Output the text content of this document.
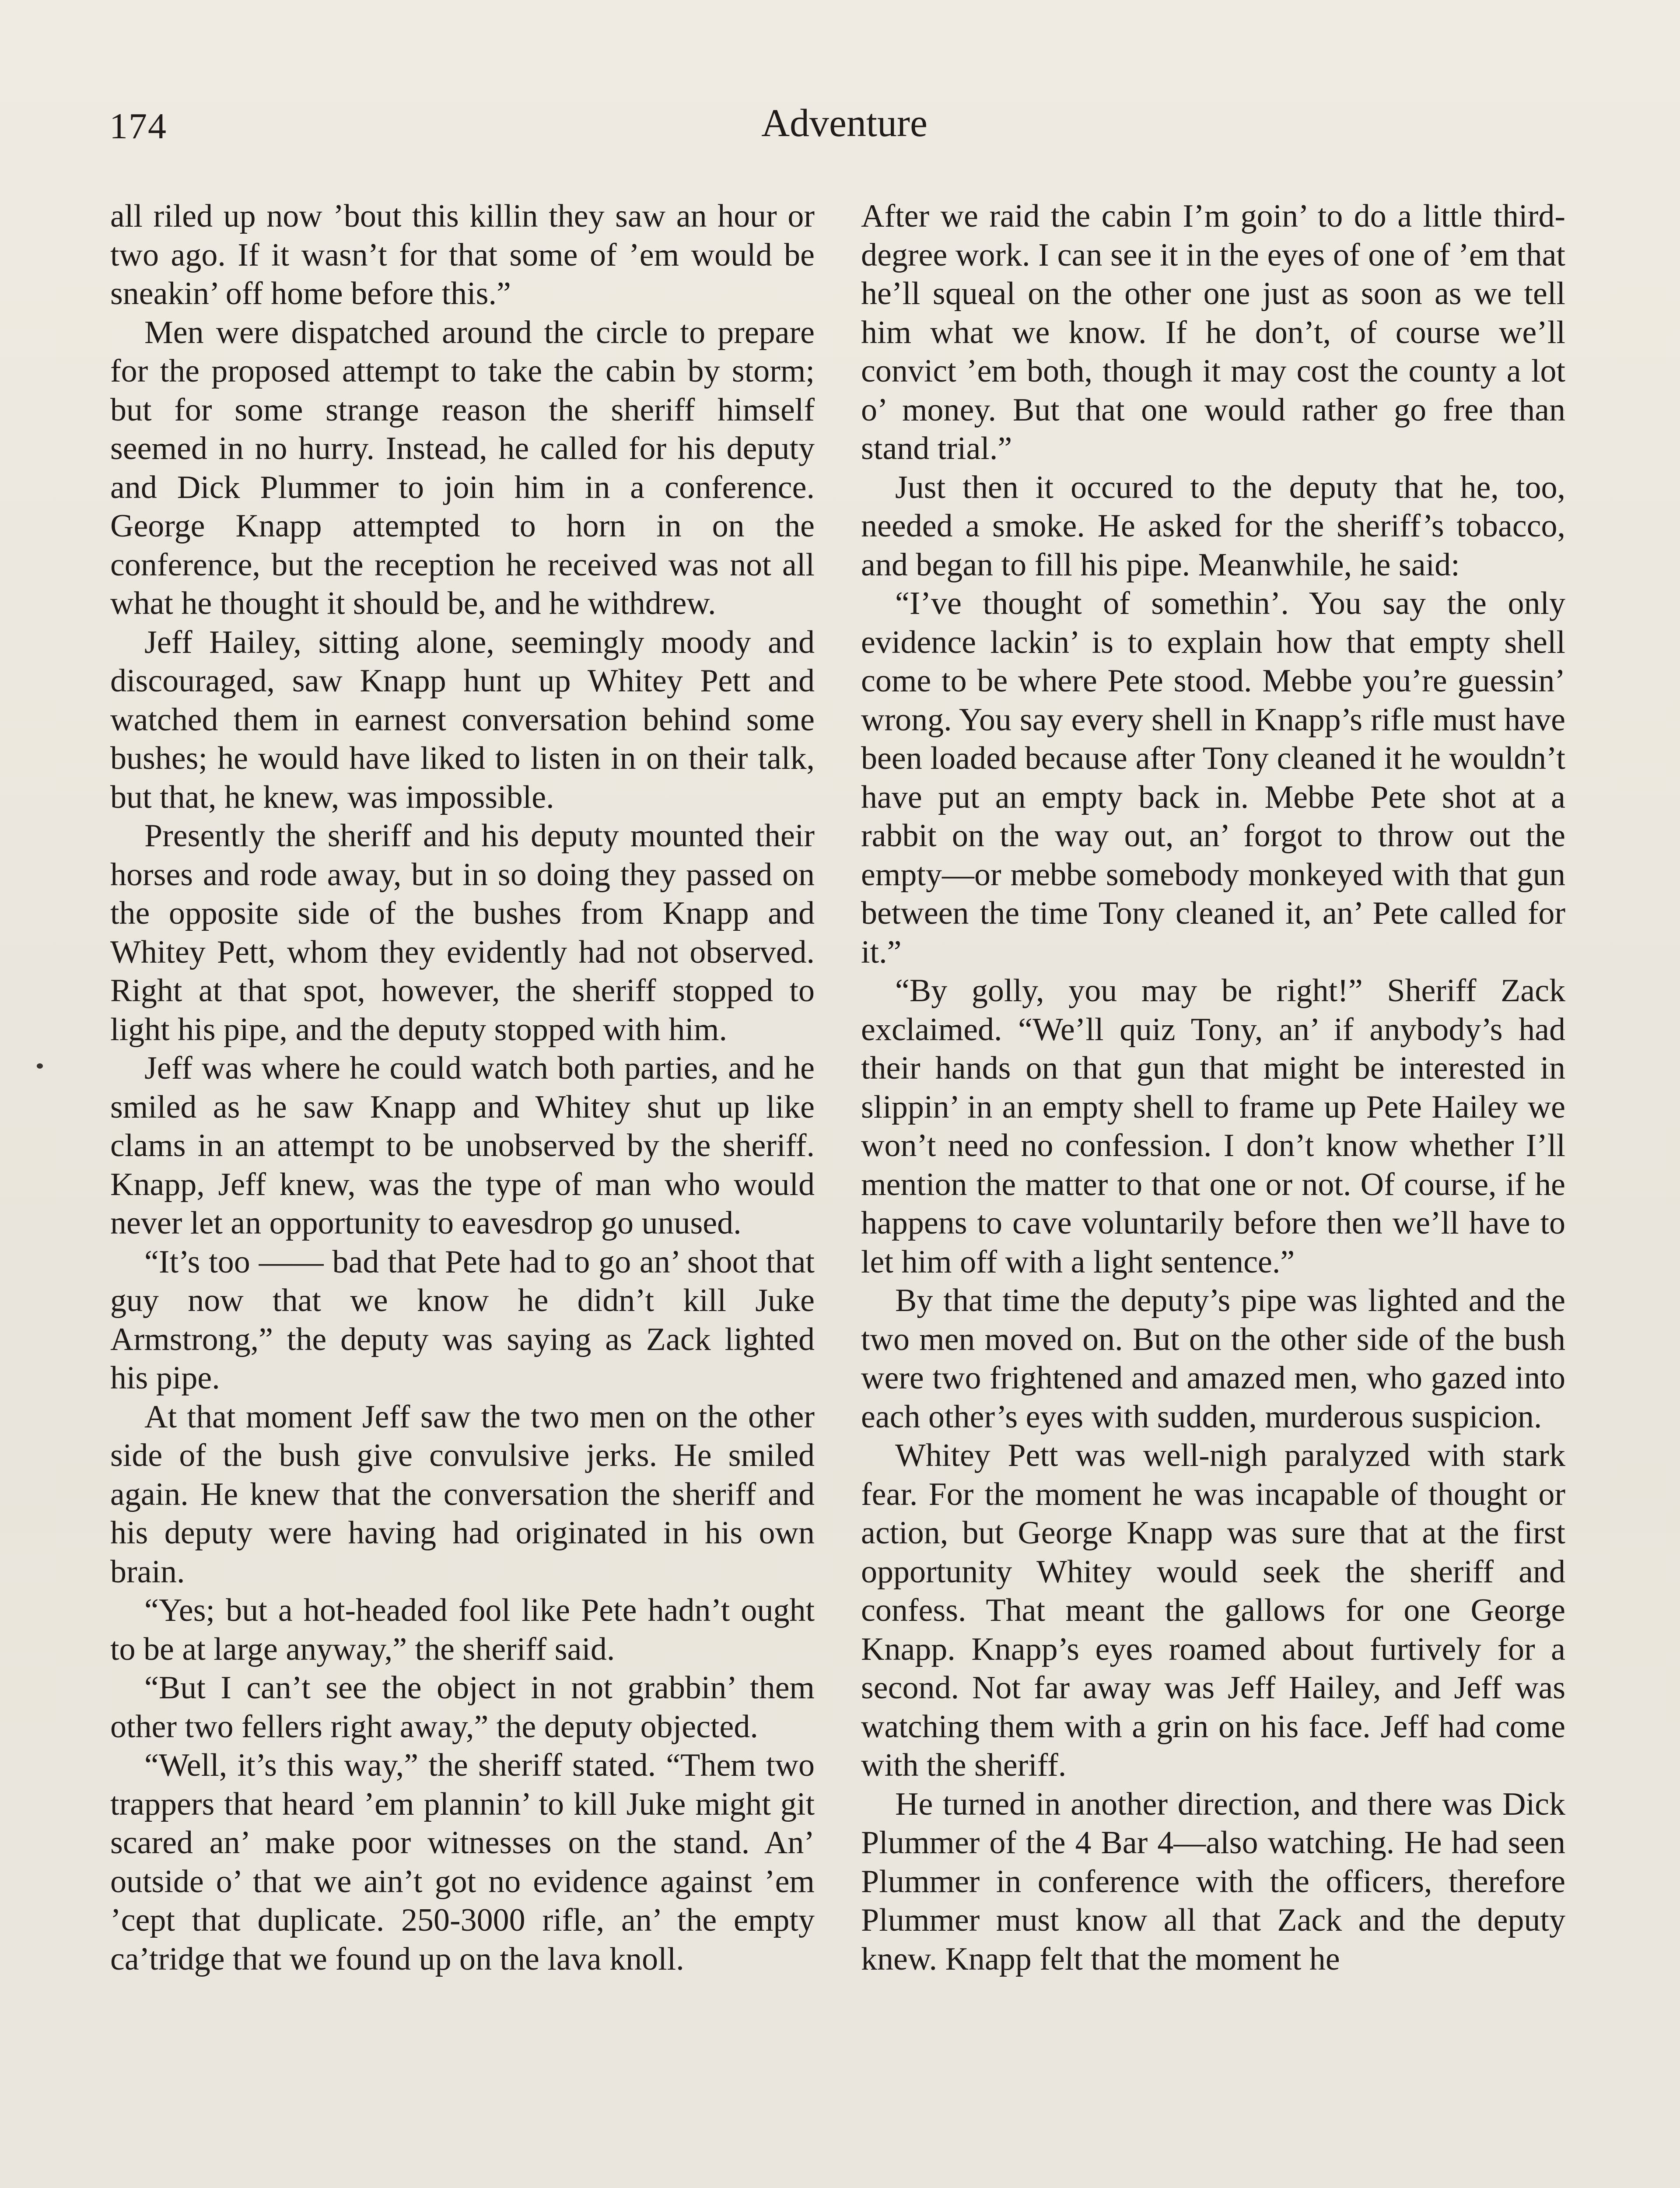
174	Adventure

all riled up now ’bout this killin they saw an hour or two ago. If it wasn’t for that some of ’em would be sneakin’ off home before this.”

Men were dispatched around the circle to prepare for the proposed attempt to take the cabin by storm; but for some strange reason the sheriff himself seemed in no hurry. Instead, he called for his deputy and Dick Plummer to join him in a conference. George Knapp attempted to horn in on the conference, but the reception he received was not all what he thought it should be, and he withdrew.

Jeff Hailey, sitting alone, seemingly moody and discouraged, saw Knapp hunt up Whitey Pett and watched them in earnest conversation behind some bushes; he would have liked to listen in on their talk, but that, he knew, was impossible.

Presently the sheriff and his deputy mounted their horses and rode away, but in so doing they passed on the opposite side of the bushes from Knapp and Whitey Pett, whom they evidently had not observed. Right at that spot, however, the sheriff stopped to light his pipe, and the deputy stopped with him.

Jeff was where he could watch both parties, and he smiled as he saw Knapp and Whitey shut up like clams in an attempt to be unobserved by the sheriff. Knapp, Jeff knew, was the type of man who would never let an opportunity to eavesdrop go unused.

“It’s too —— bad that Pete had to go an’ shoot that guy now that we know he didn’t kill Juke Armstrong,” the deputy was saying as Zack lighted his pipe.

At that moment Jeff saw the two men on the other side of the bush give convulsive jerks. He smiled again. He knew that the conversation the sheriff and his deputy were having had originated in his own brain.

“Yes; but a hot-headed fool like Pete hadn’t ought to be at large anyway,” the sheriff said.

“But I can’t see the object in not grabbin’ them other two fellers right away,” the deputy objected.

“Well, it’s this way,” the sheriff stated. “Them two trappers that heard ’em plannin’ to kill Juke might git scared an’ make poor witnesses on the stand. An’ outside o’ that we ain’t got no evidence against ’em ’cept that duplicate. 250-3000 rifle, an’ the empty ca’tridge that we found up on the lava knoll.

After we raid the cabin I’m goin’ to do a little third-degree work. I can see it in the eyes of one of ’em that he’ll squeal on the other one just as soon as we tell him what we know. If he don’t, of course we’ll convict ’em both, though it may cost the county a lot o’ money. But that one would rather go free than stand trial.”

Just then it occured to the deputy that he, too, needed a smoke. He asked for the sheriff’s tobacco, and began to fill his pipe. Meanwhile, he said:

“I’ve thought of somethin’. You say the only evidence lackin’ is to explain how that empty shell come to be where Pete stood. Mebbe you’re guessin’ wrong. You say every shell in Knapp’s rifle must have been loaded because after Tony cleaned it he wouldn’t have put an empty back in. Mebbe Pete shot at a rabbit on the way out, an’ forgot to throw out the empty—or mebbe somebody monkeyed with that gun between the time Tony cleaned it, an’ Pete called for it.”

“By golly, you may be right!” Sheriff Zack exclaimed. “We’ll quiz Tony, an’ if anybody’s had their hands on that gun that might be interested in slippin’ in an empty shell to frame up Pete Hailey we won’t need no confession. I don’t know whether I’ll mention the matter to that one or not. Of course, if he happens to cave voluntarily before then we’ll have to let him off with a light sentence.”

By that time the deputy’s pipe was lighted and the two men moved on. But on the other side of the bush were two frightened and amazed men, who gazed into each other’s eyes with sudden, murderous suspicion.

Whitey Pett was well-nigh paralyzed with stark fear. For the moment he was incapable of thought or action, but George Knapp was sure that at the first opportunity Whitey would seek the sheriff and confess. That meant the gallows for one George Knapp. Knapp’s eyes roamed about furtively for a second. Not far away was Jeff Hailey, and Jeff was watching them with a grin on his face. Jeff had come with the sheriff.

He turned in another direction, and there was Dick Plummer of the 4 Bar 4—also watching. He had seen Plummer in conference with the officers, therefore Plummer must know all that Zack and the deputy knew. Knapp felt that the moment he
